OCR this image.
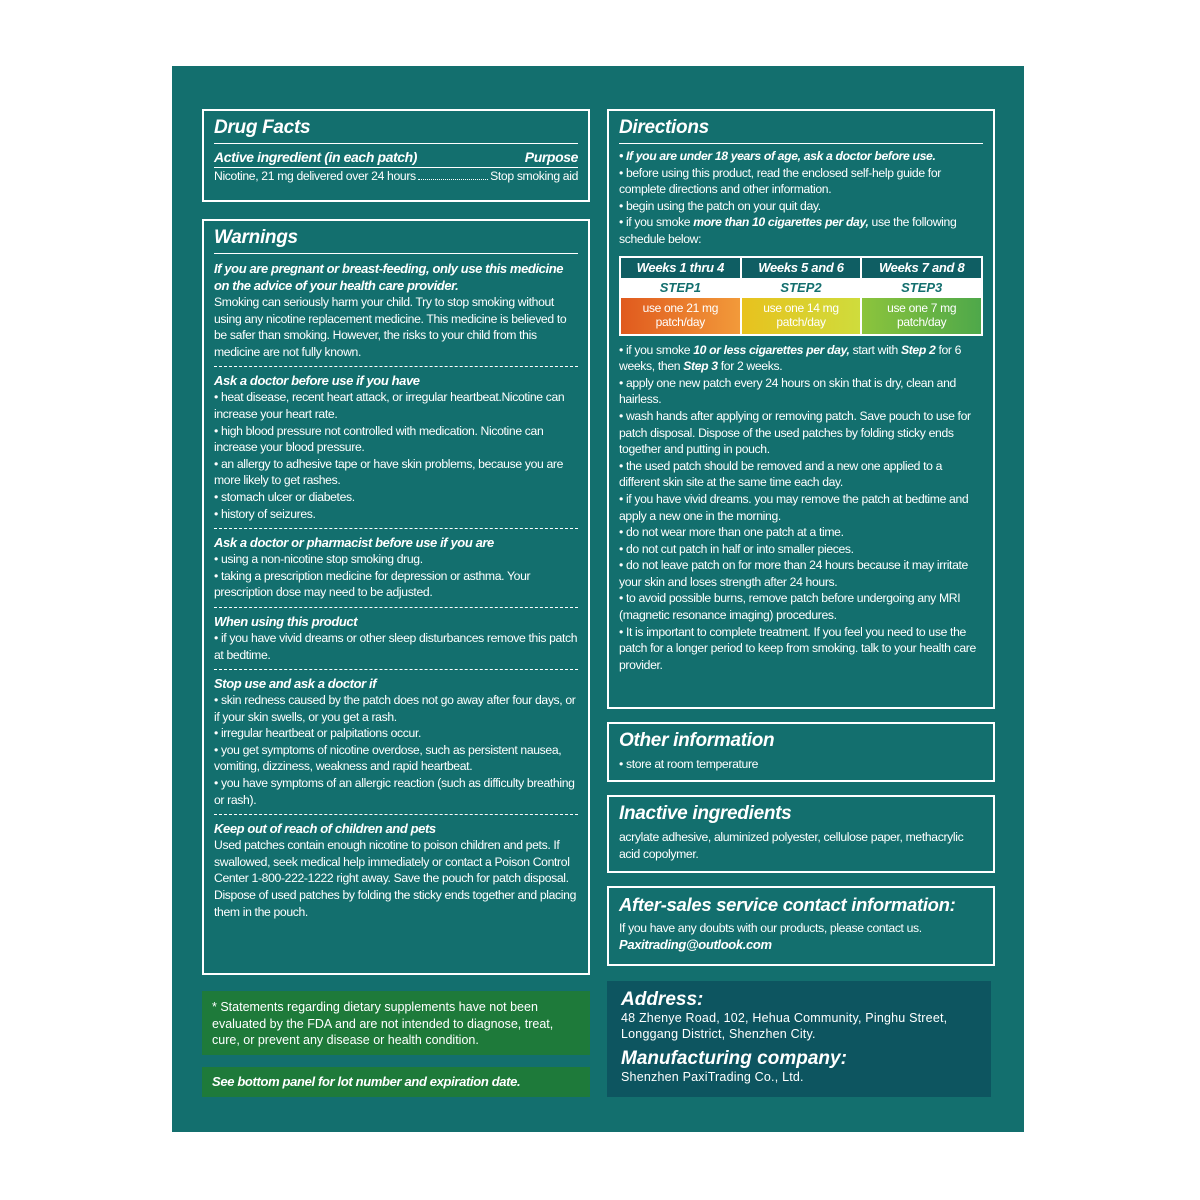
Drug Facts
Active ingredient (in each patch)	Purpose
Nicotine, 21 mg delivered over 24 hours	Stop smoking aid
Warnings
If you are pregnant or breast-feeding, only use this medicine on the advice of your health care provider.

Smoking can seriously harm your child. Try to stop smoking without using any nicotine replacement medicine. This medicine is believed to be safer than smoking. However, the risks to your child from this medicine are not fully known.

Ask a doctor before use if you have

• heat disease, recent heart attack, or irregular heartbeat.Nicotine can increase your heart rate.

• high blood pressure not controlled with medication. Nicotine can increase your blood pressure.

• an allergy to adhesive tape or have skin problems, because you are more likely to get rashes.

• stomach ulcer or diabetes.

• history of seizures.

Ask a doctor or pharmacist before use if you are

• using a non-nicotine stop smoking drug.

• taking a prescription medicine for depression or asthma. Your prescription dose may need to be adjusted.

When using this product

• if you have vivid dreams or other sleep disturbances remove this patch at bedtime.

Stop use and ask a doctor if

• skin redness caused by the patch does not go away after four days, or if your skin swells, or you get a rash.

• irregular heartbeat or palpitations occur.

• you get symptoms of nicotine overdose, such as persistent nausea, vomiting, dizziness, weakness and rapid heartbeat.

• you have symptoms of an allergic reaction (such as difficulty breathing or rash).

Keep out of reach of children and pets

Used patches contain enough nicotine to poison children and pets. If swallowed, seek medical help immediately or contact a Poison Control Center 1-800-222-1222 right away. Save the pouch for patch disposal. Dispose of used patches by folding the sticky ends together and placing them in the pouch.

* Statements regarding dietary supplements have not been evaluated by the FDA and are not intended to diagnose, treat, cure, or prevent any disease or health condition.

See bottom panel for lot number and expiration date.

Directions

• If you are under 18 years of age, ask a doctor before use.

• before using this product, read the enclosed self-help guide for complete directions and other information.

• begin using the patch on your quit day.

• if you smoke more than 10 cigarettes per day, use the following schedule below:

Weeks 1 thru 4
STEP1
use one 21 mg patch/day
Weeks 5 and 6
STEP2
use one 14 mg patch/day
Weeks 7 and 8
STEP3
use one 7 mg patch/day

• if you smoke 10 or less cigarettes per day, start with Step 2 for 6 weeks, then Step 3 for 2 weeks.

• apply one new patch every 24 hours on skin that is dry, clean and hairless.

• wash hands after applying or removing patch. Save pouch to use for patch disposal. Dispose of the used patches by folding sticky ends together and putting in pouch.

• the used patch should be removed and a new one applied to a different skin site at the same time each day.

• if you have vivid dreams. you may remove the patch at bedtime and apply a new one in the morning.

• do not wear more than one patch at a time.

• do not cut patch in half or into smaller pieces.

• do not leave patch on for more than 24 hours because it may irritate your skin and loses strength after 24 hours.

• to avoid possible burns, remove patch before undergoing any MRI (magnetic resonance imaging) procedures.

• It is important to complete treatment. If you feel you need to use the patch for a longer period to keep from smoking. talk to your health care provider.

Other information

• store at room temperature

Inactive ingredients

acrylate adhesive, aluminized polyester, cellulose paper, methacrylic acid copolymer.

After-sales service contact information:

If you have any doubts with our products, please contact us.

Paxitrading@outlook.com

Address:

48 Zhenye Road, 102, Hehua Community, Pinghu Street, Longgang District, Shenzhen City.

Manufacturing company:

Shenzhen PaxiTrading Co., Ltd.
